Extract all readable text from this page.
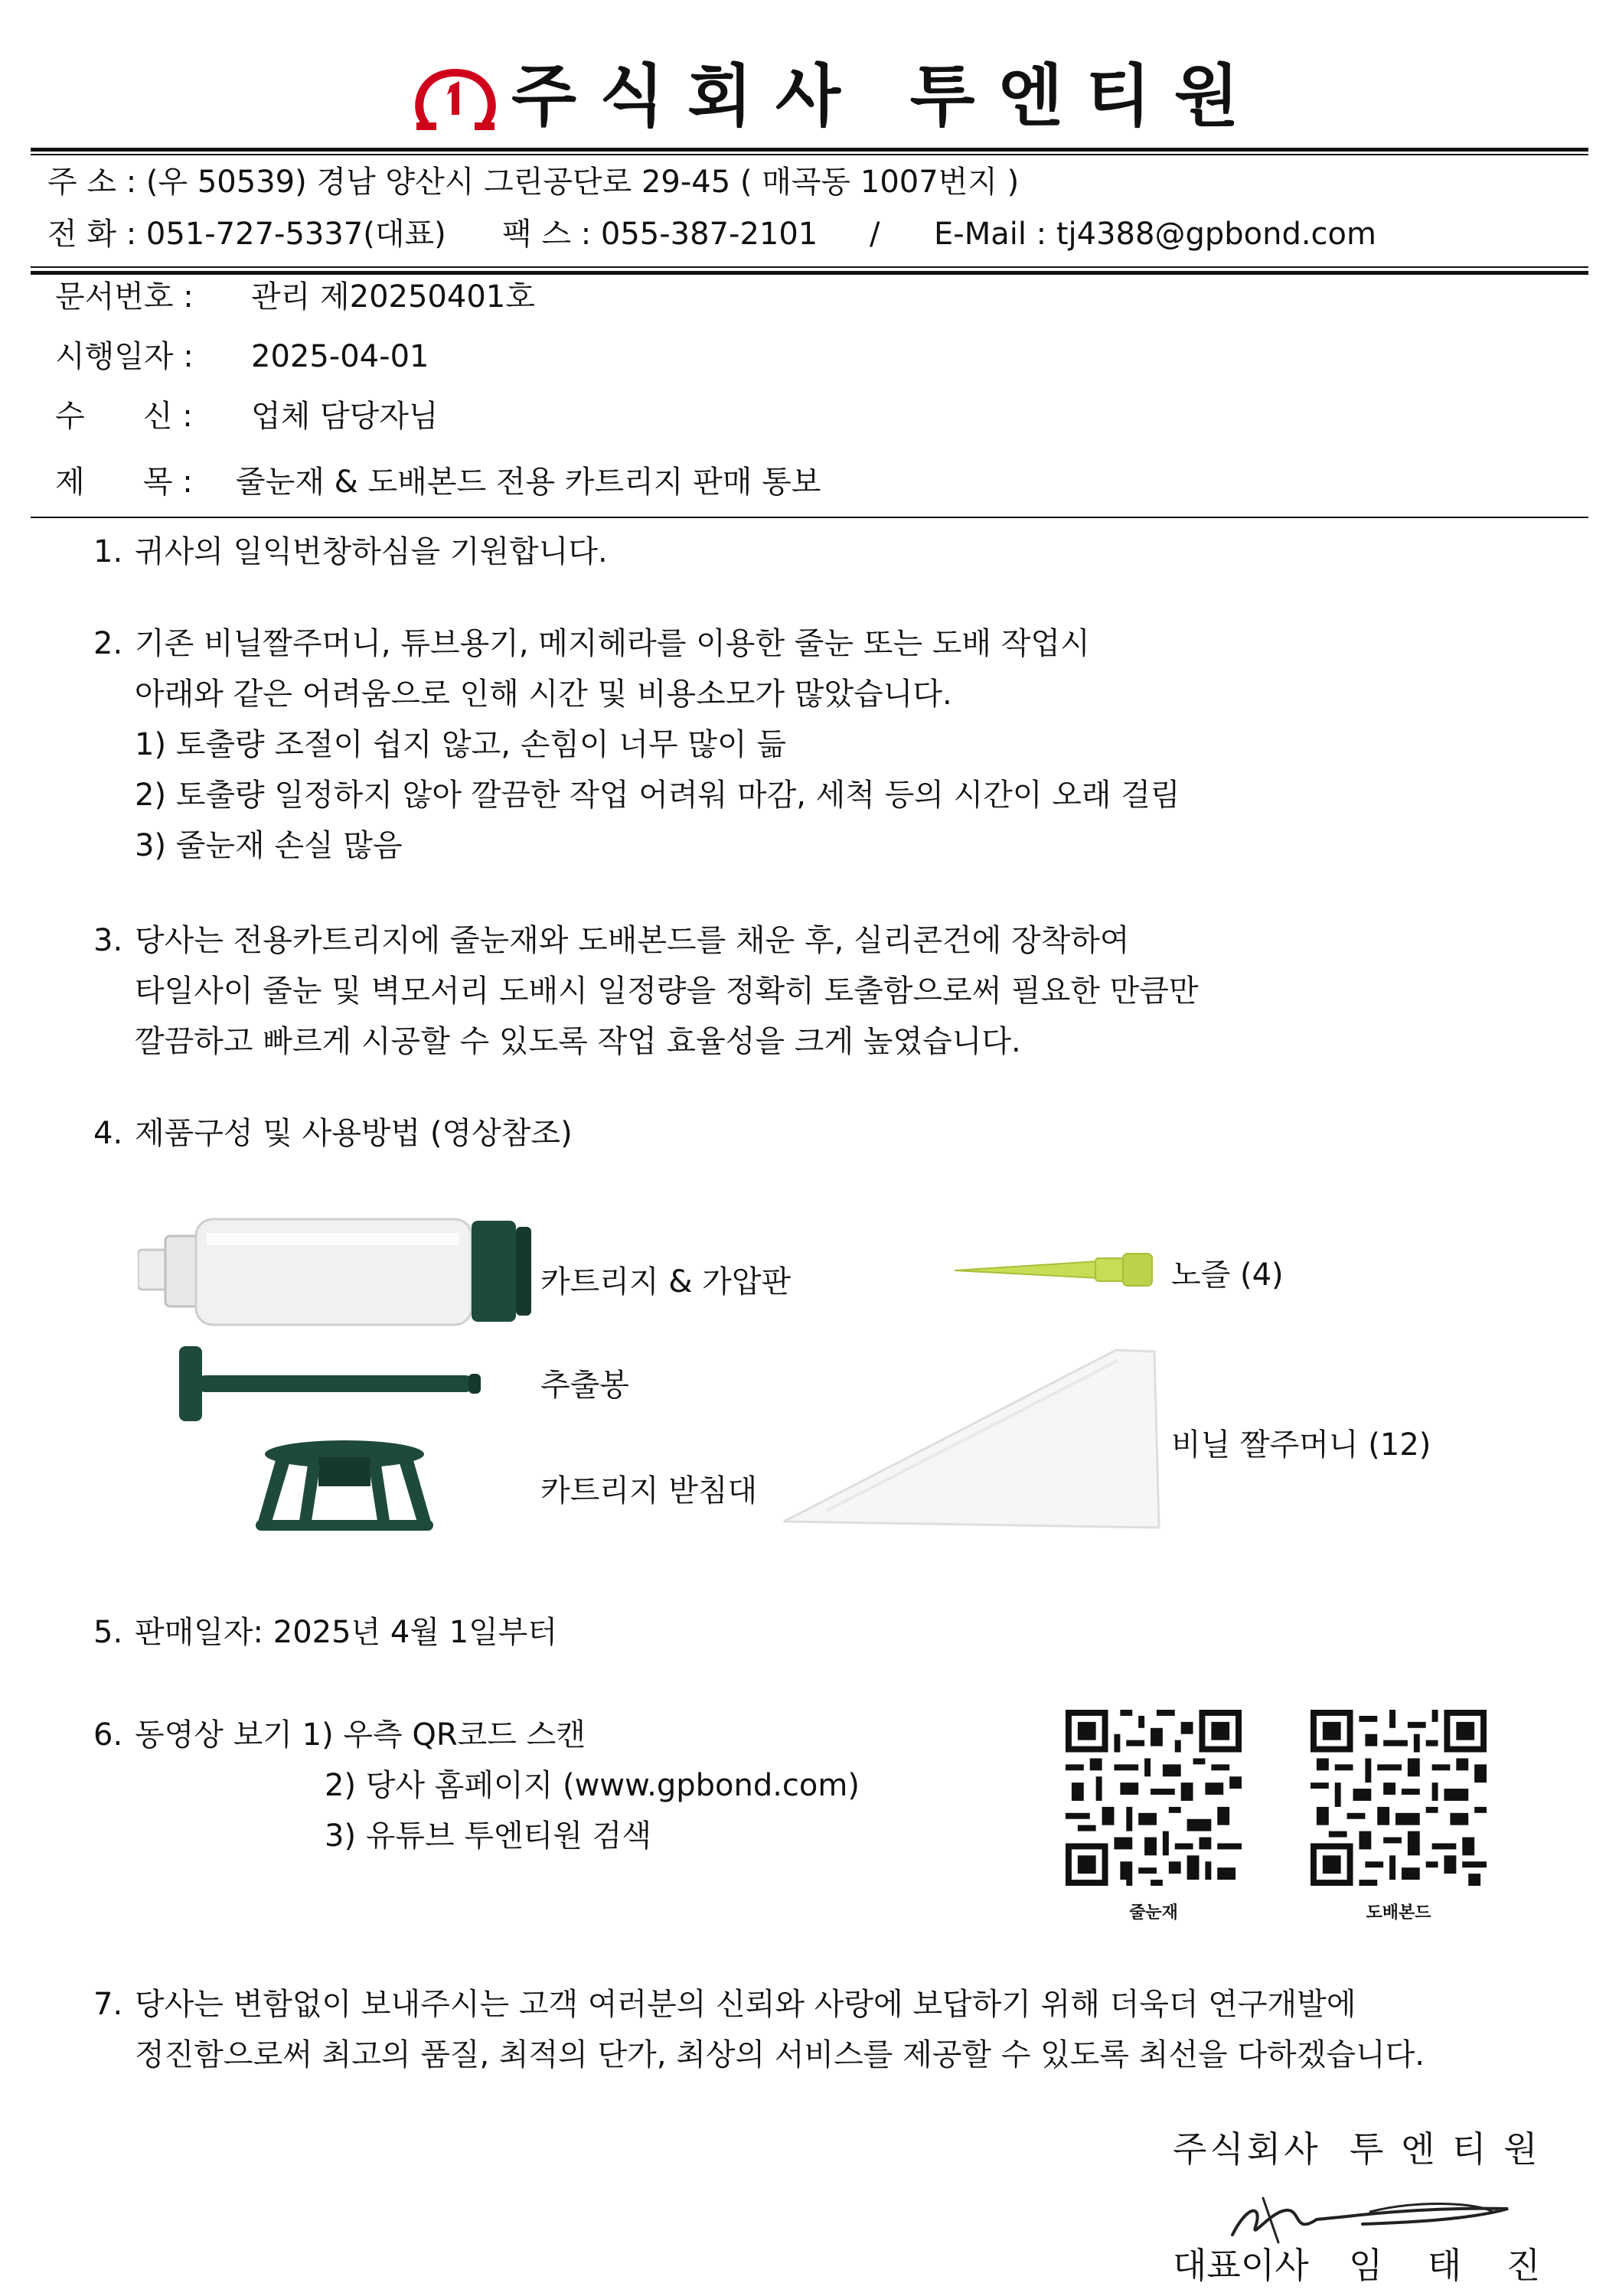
주식회사 투엔티원
주 소 : (우 50539) 경남 양산시 그린공단로 29-45 ( 매곡동 1007번지 )
전 화 : 051-727-5337(대표) 팩 스 : 055-387-2101 / E-Mail : tj4388@gpbond.com
문서번호 : 관리 제20250401호
시행일자 : 2025-04-01
수      신 : 업체 담당자님
제      목 : 줄눈재 & 도배본드 전용 카트리지 판매 통보
1. 귀사의 일익번창하심을 기원합니다.
2. 기존 비닐짤주머니, 튜브용기, 메지헤라를 이용한 줄눈 또는 도배 작업시
아래와 같은 어려움으로 인해 시간 및 비용소모가 많았습니다.
1) 토출량 조절이 쉽지 않고, 손힘이 너무 많이 듦
2) 토출량 일정하지 않아 깔끔한 작업 어려워 마감, 세척 등의 시간이 오래 걸림
3) 줄눈재 손실 많음
3. 당사는 전용카트리지에 줄눈재와 도배본드를 채운 후, 실리콘건에 장착하여
타일사이 줄눈 및 벽모서리 도배시 일정량을 정확히 토출함으로써 필요한 만큼만
깔끔하고 빠르게 시공할 수 있도록 작업 효율성을 크게 높였습니다.
4. 제품구성 및 사용방법 (영상참조)
카트리지 & 가압판
추출봉
카트리지 받침대
노즐 (4)
비닐 짤주머니 (12)
5. 판매일자: 2025년 4월 1일부터
6. 동영상 보기 1) 우측 QR코드 스캔
2) 당사 홈페이지 (www.gpbond.com)
3) 유튜브 투엔티원 검색
줄눈재	도배본드
7. 당사는 변함없이 보내주시는 고객 여러분의 신뢰와 사랑에 보답하기 위해 더욱더 연구개발에
정진함으로써 최고의 품질, 최적의 단가, 최상의 서비스를 제공할 수 있도록 최선을 다하겠습니다.
주식회사  투 엔 티 원
대표이사 임    태    진
